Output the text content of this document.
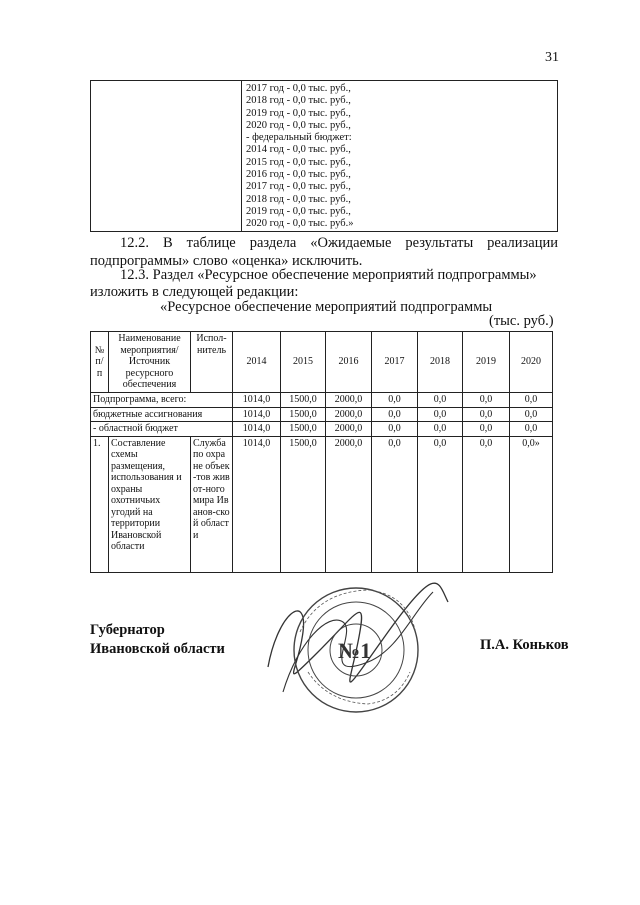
31
2017 год - 0,0 тыс. руб.,
2018 год - 0,0 тыс. руб.,
2019 год - 0,0 тыс. руб.,
2020 год - 0,0 тыс. руб.,
- федеральный бюджет:
2014 год - 0,0 тыс. руб.,
2015 год - 0,0 тыс. руб.,
2016 год - 0,0 тыс. руб.,
2017 год - 0,0 тыс. руб.,
2018 год - 0,0 тыс. руб.,
2019 год - 0,0 тыс. руб.,
2020 год - 0,0 тыс. руб.»
12.2. В таблице раздела «Ожидаемые результаты реализации
подпрограммы» слово «оценка» исключить.
12.3. Раздел «Ресурсное обеспечение мероприятий подпрограммы»
изложить в следующей редакции:
«Ресурсное обеспечение мероприятий подпрограммы
(тыс. руб.)
№ п/п	Наименование мероприятия/ Источник ресурсного обеспечения	Испол-нитель	2014	2015	2016	2017	2018	2019	2020
Подпрограмма, всего:			1014,0	1500,0	2000,0	0,0	0,0	0,0	0,0
бюджетные ассигнования			1014,0	1500,0	2000,0	0,0	0,0	0,0	0,0
- областной бюджет			1014,0	1500,0	2000,0	0,0	0,0	0,0	0,0
1.	Составление схемы размещения, использования и охраны охотничьих угодий на территории Ивановской области	Служба по охране объек-тов живот-ного мира Иванов-ской области	1014,0	1500,0	2000,0	0,0	0,0	0,0	0,0»
Губернатор
Ивановской области	№1	П.А. Коньков
